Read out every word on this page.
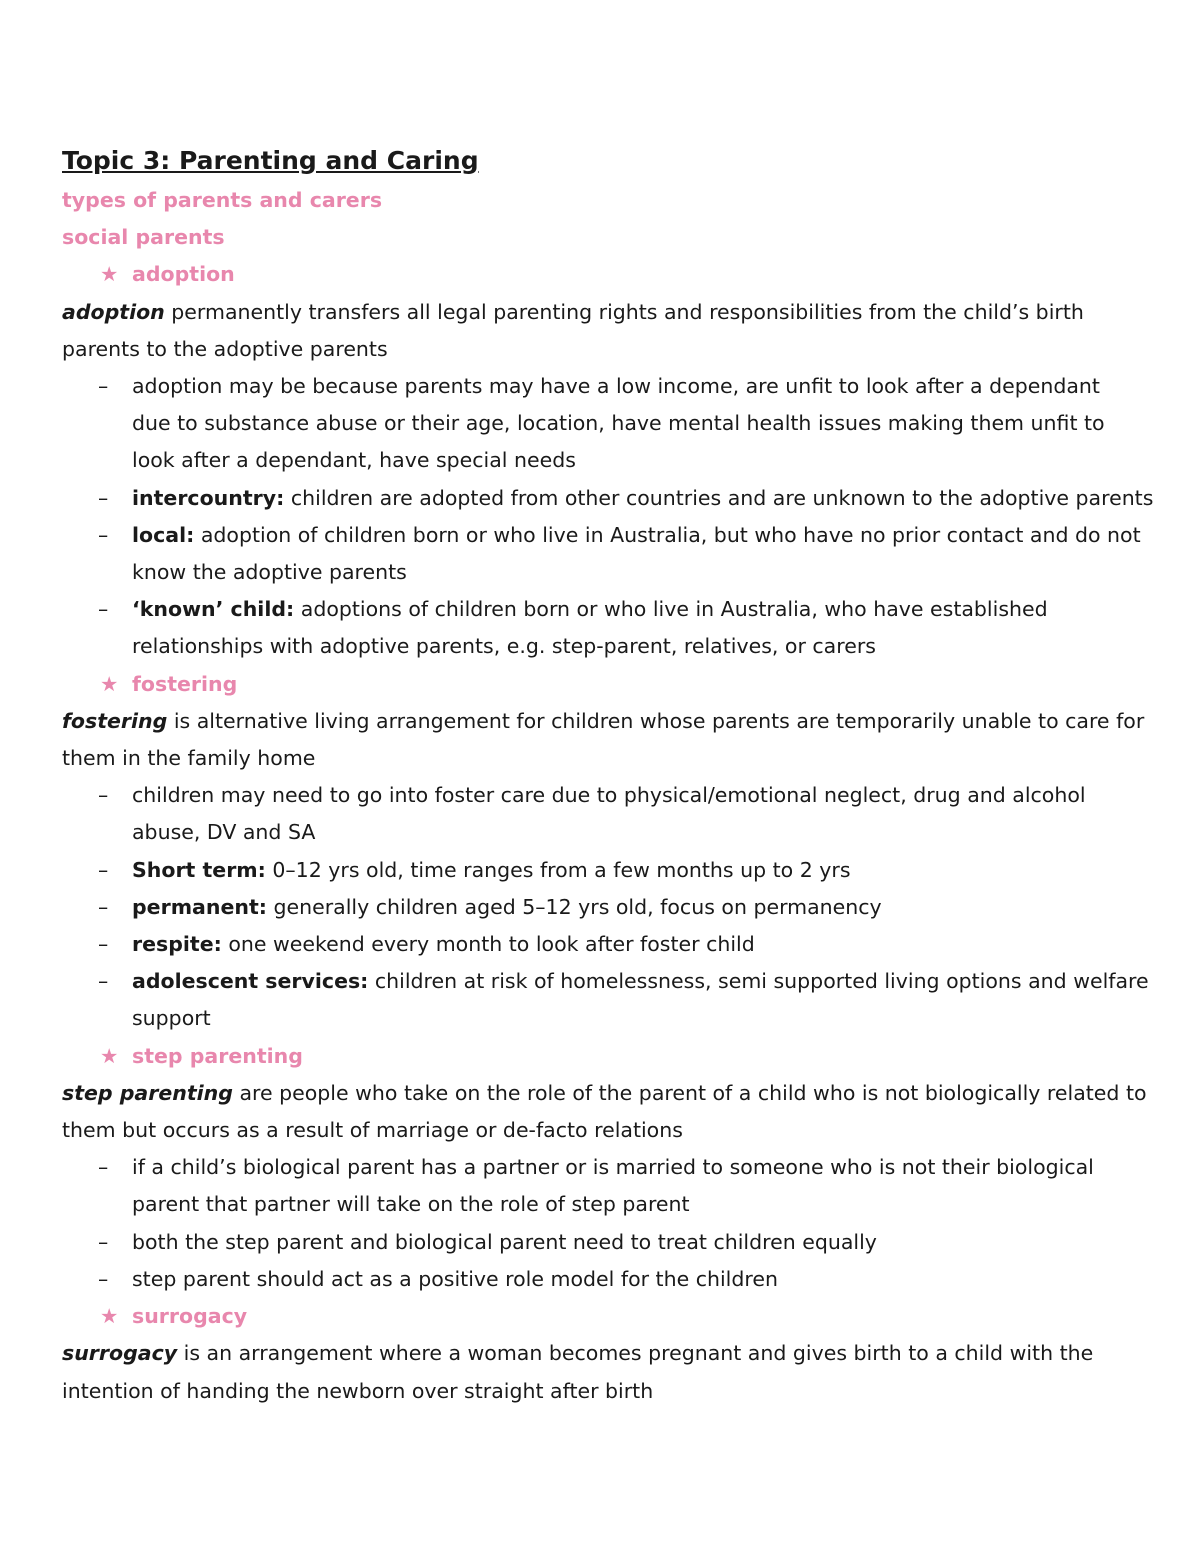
Topic 3: Parenting and Caring
types of parents and carers
social parents
★ adoption
adoption permanently transfers all legal parenting rights and responsibilities from the child’s birth
parents to the adoptive parents
– adoption may be because parents may have a low income, are unfit to look after a dependant
due to substance abuse or their age, location, have mental health issues making them unfit to
look after a dependant, have special needs
– intercountry: children are adopted from other countries and are unknown to the adoptive parents
– local: adoption of children born or who live in Australia, but who have no prior contact and do not
know the adoptive parents
– ‘known’ child: adoptions of children born or who live in Australia, who have established
relationships with adoptive parents, e.g. step-parent, relatives, or carers
★ fostering
fostering is alternative living arrangement for children whose parents are temporarily unable to care for
them in the family home
– children may need to go into foster care due to physical/emotional neglect, drug and alcohol
abuse, DV and SA
– Short term: 0–12 yrs old, time ranges from a few months up to 2 yrs
– permanent: generally children aged 5–12 yrs old, focus on permanency
– respite: one weekend every month to look after foster child
– adolescent services: children at risk of homelessness, semi supported living options and welfare
support
★ step parenting
step parenting are people who take on the role of the parent of a child who is not biologically related to
them but occurs as a result of marriage or de-facto relations
– if a child’s biological parent has a partner or is married to someone who is not their biological
parent that partner will take on the role of step parent
– both the step parent and biological parent need to treat children equally
– step parent should act as a positive role model for the children
★ surrogacy
surrogacy is an arrangement where a woman becomes pregnant and gives birth to a child with the
intention of handing the newborn over straight after birth
